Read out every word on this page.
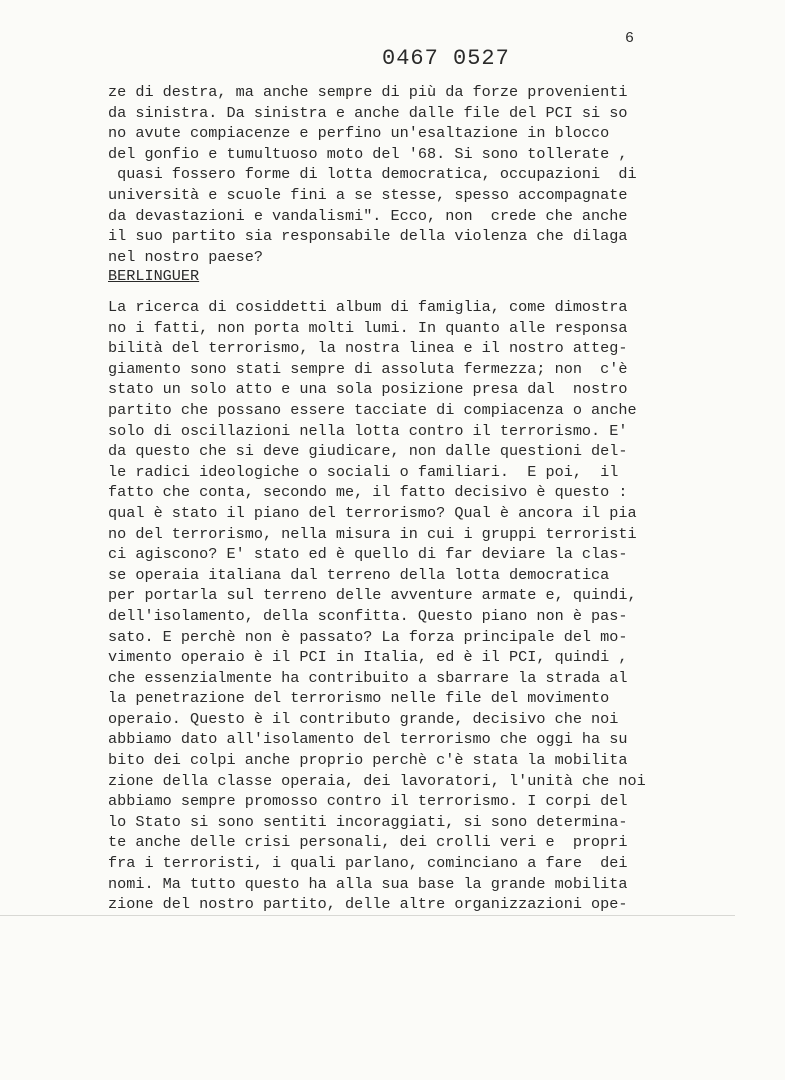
6
0467 0527
ze di destra, ma anche sempre di più da forze provenienti
da sinistra. Da sinistra e anche dalle file del PCI si so
no avute compiacenze e perfino un'esaltazione in blocco
del gonfio e tumultuoso moto del '68. Si sono tollerate ,
quasi fossero forme di lotta democratica, occupazioni  di
università e scuole fini a se stesse, spesso accompagnate
da devastazioni e vandalismi". Ecco, non  crede che anche
il suo partito sia responsabile della violenza che dilaga
nel nostro paese?
BERLINGUER
La ricerca di cosiddetti album di famiglia, come dimostra
no i fatti, non porta molti lumi. In quanto alle responsa
bilità del terrorismo, la nostra linea e il nostro atteg-
giamento sono stati sempre di assoluta fermezza; non  c'è
stato un solo atto e una sola posizione presa dal  nostro
partito che possano essere tacciate di compiacenza o anche
solo di oscillazioni nella lotta contro il terrorismo. E'
da questo che si deve giudicare, non dalle questioni del-
le radici ideologiche o sociali o familiari.  E poi,  il
fatto che conta, secondo me, il fatto decisivo è questo :
qual è stato il piano del terrorismo? Qual è ancora il pia
no del terrorismo, nella misura in cui i gruppi terroristi
ci agiscono? E' stato ed è quello di far deviare la clas-
se operaia italiana dal terreno della lotta democratica
per portarla sul terreno delle avventure armate e, quindi,
dell'isolamento, della sconfitta. Questo piano non è pas-
sato. E perchè non è passato? La forza principale del mo-
vimento operaio è il PCI in Italia, ed è il PCI, quindi ,
che essenzialmente ha contribuito a sbarrare la strada al
la penetrazione del terrorismo nelle file del movimento
operaio. Questo è il contributo grande, decisivo che noi
abbiamo dato all'isolamento del terrorismo che oggi ha su
bito dei colpi anche proprio perchè c'è stata la mobilita
zione della classe operaia, dei lavoratori, l'unità che noi
abbiamo sempre promosso contro il terrorismo. I corpi del
lo Stato si sono sentiti incoraggiati, si sono determina-
te anche delle crisi personali, dei crolli veri e  propri
fra i terroristi, i quali parlano, cominciano a fare  dei
nomi. Ma tutto questo ha alla sua base la grande mobilita
zione del nostro partito, delle altre organizzazioni ope-
